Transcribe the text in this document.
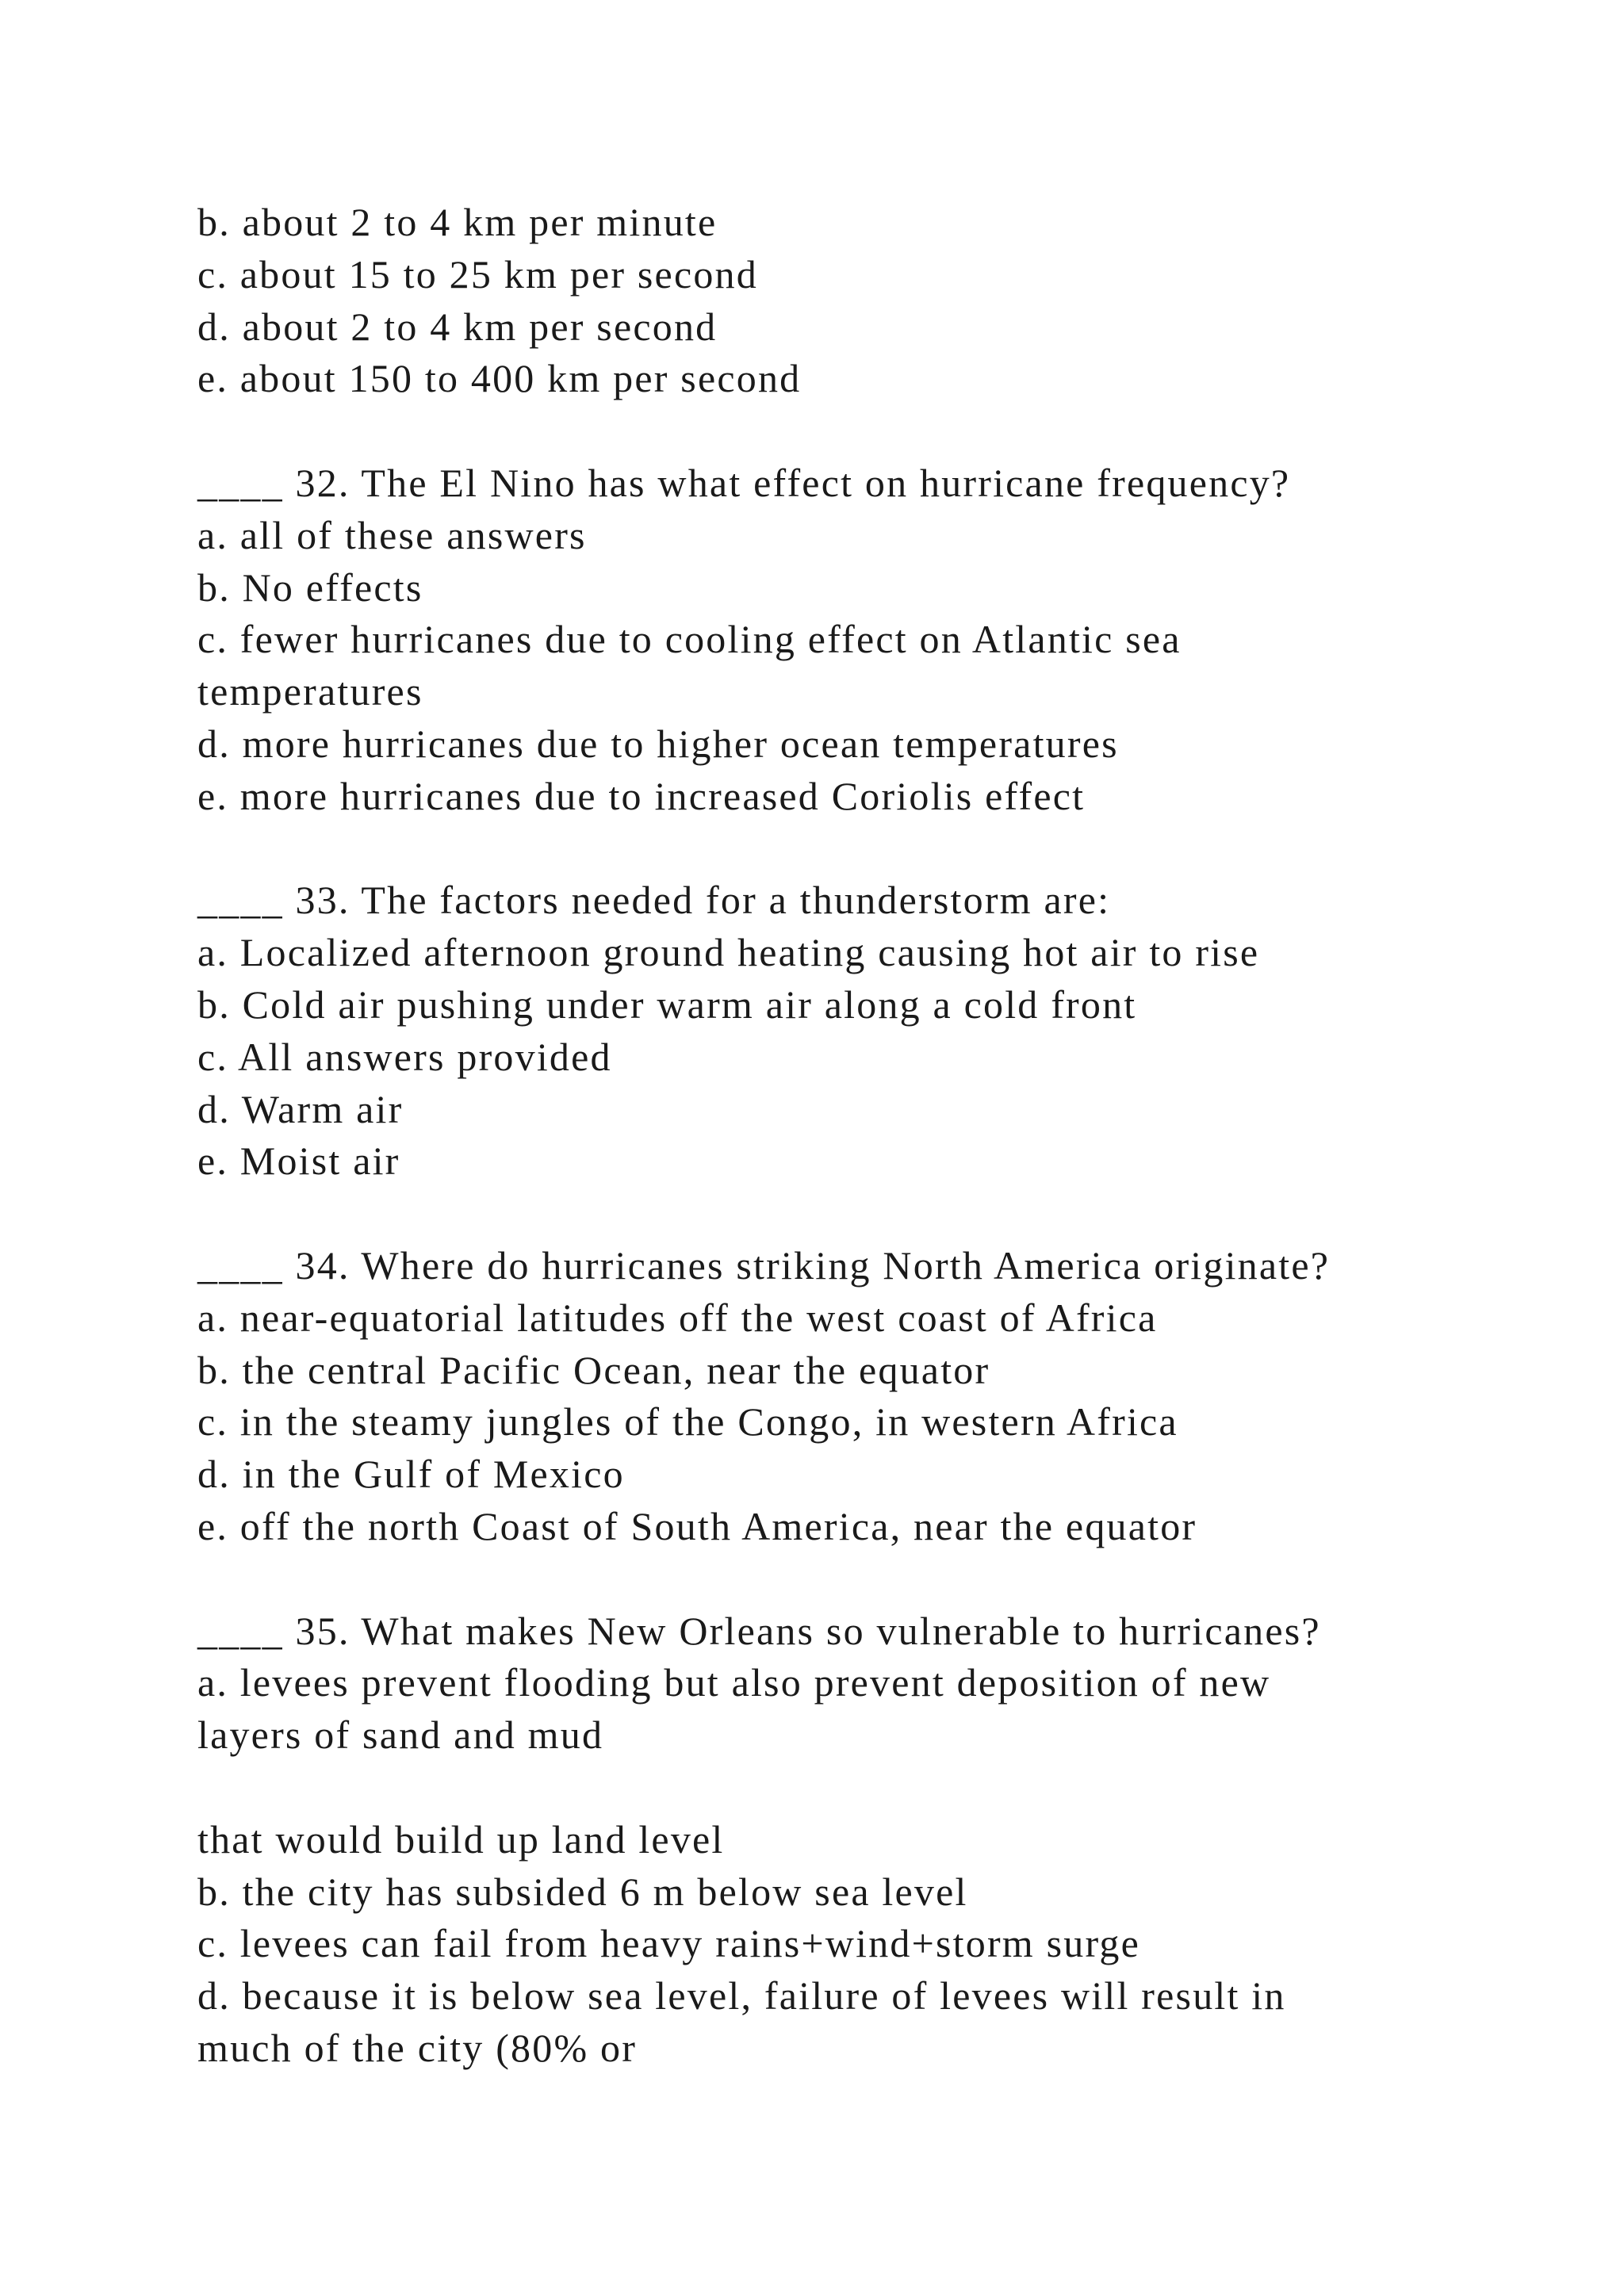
b. about 2 to 4 km per minute
c. about 15 to 25 km per second
d. about 2 to 4 km per second
e. about 150 to 400 km per second
____ 32. The El Nino has what effect on hurricane frequency?
a. all of these answers
b. No effects
c. fewer hurricanes due to cooling effect on Atlantic sea
temperatures
d. more hurricanes due to higher ocean temperatures
e. more hurricanes due to increased Coriolis effect
____ 33. The factors needed for a thunderstorm are:
a. Localized afternoon ground heating causing hot air to rise
b. Cold air pushing under warm air along a cold front
c. All answers provided
d. Warm air
e. Moist air
____ 34. Where do hurricanes striking North America originate?
a. near-equatorial latitudes off the west coast of Africa
b. the central Pacific Ocean, near the equator
c. in the steamy jungles of the Congo, in western Africa
d. in the Gulf of Mexico
e. off the north Coast of South America, near the equator
____ 35. What makes New Orleans so vulnerable to hurricanes?
a. levees prevent flooding but also prevent deposition of new
layers of sand and mud
that would build up land level
b. the city has subsided 6 m below sea level
c. levees can fail from heavy rains+wind+storm surge
d. because it is below sea level, failure of levees will result in
much of the city (80% or
